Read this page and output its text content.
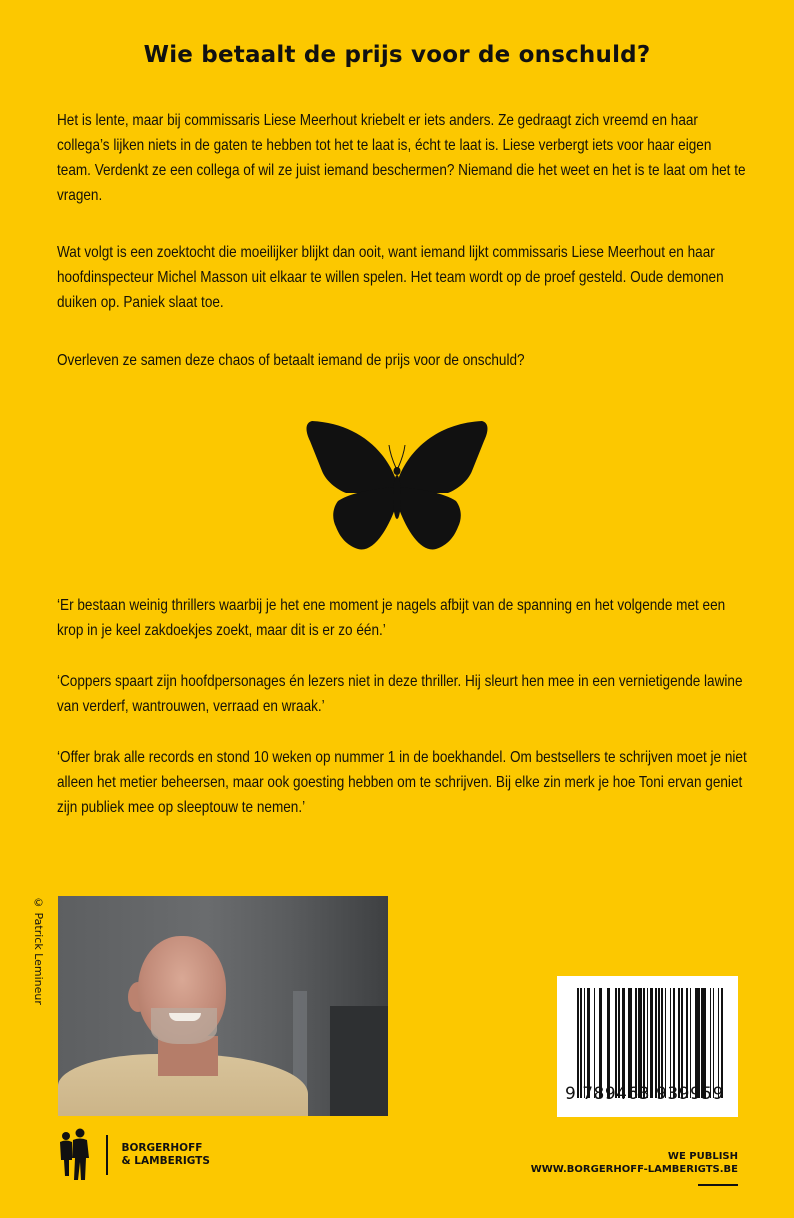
Wie betaalt de prijs voor de onschuld?

Het is lente, maar bij commissaris Liese Meerhout kriebelt er iets anders. Ze gedraagt zich vreemd en haar collega’s lijken niets in de gaten te hebben tot het te laat is, écht te laat is. Liese verbergt iets voor haar eigen team. Verdenkt ze een collega of wil ze juist iemand beschermen? Niemand die het weet en het is te laat om het te vragen.

Wat volgt is een zoektocht die moeilijker blijkt dan ooit, want iemand lijkt commissaris Liese Meerhout en haar hoofdinspecteur Michel Masson uit elkaar te willen spelen. Het team wordt op de proef gesteld. Oude demonen duiken op. Paniek slaat toe.

Overleven ze samen deze chaos of betaalt iemand de prijs voor de onschuld?

‘Er bestaan weinig thrillers waarbij je het ene moment je nagels afbijt van de spanning en het volgende met een krop in je keel zakdoekjes zoekt, maar dit is er zo één.’

‘Coppers spaart zijn hoofdpersonages én lezers niet in deze thriller. Hij sleurt hen mee in een vernietigende lawine van verderf, wantrouwen, verraad en wraak.’

‘Offer brak alle records en stond 10 weken op nummer 1 in de boekhandel. Om bestsellers te schrijven moet je niet alleen het metier beheersen, maar ook goesting hebben om te schrijven. Bij elke zin merk je hoe Toni ervan geniet zijn publiek mee op sleeptouw te nemen.’

© Patrick Lemineur
9 789463 939959
BORGERHOFF
& LAMBERIGTS	WE PUBLISH
WWW.BORGERHOFF-LAMBERIGTS.BE
